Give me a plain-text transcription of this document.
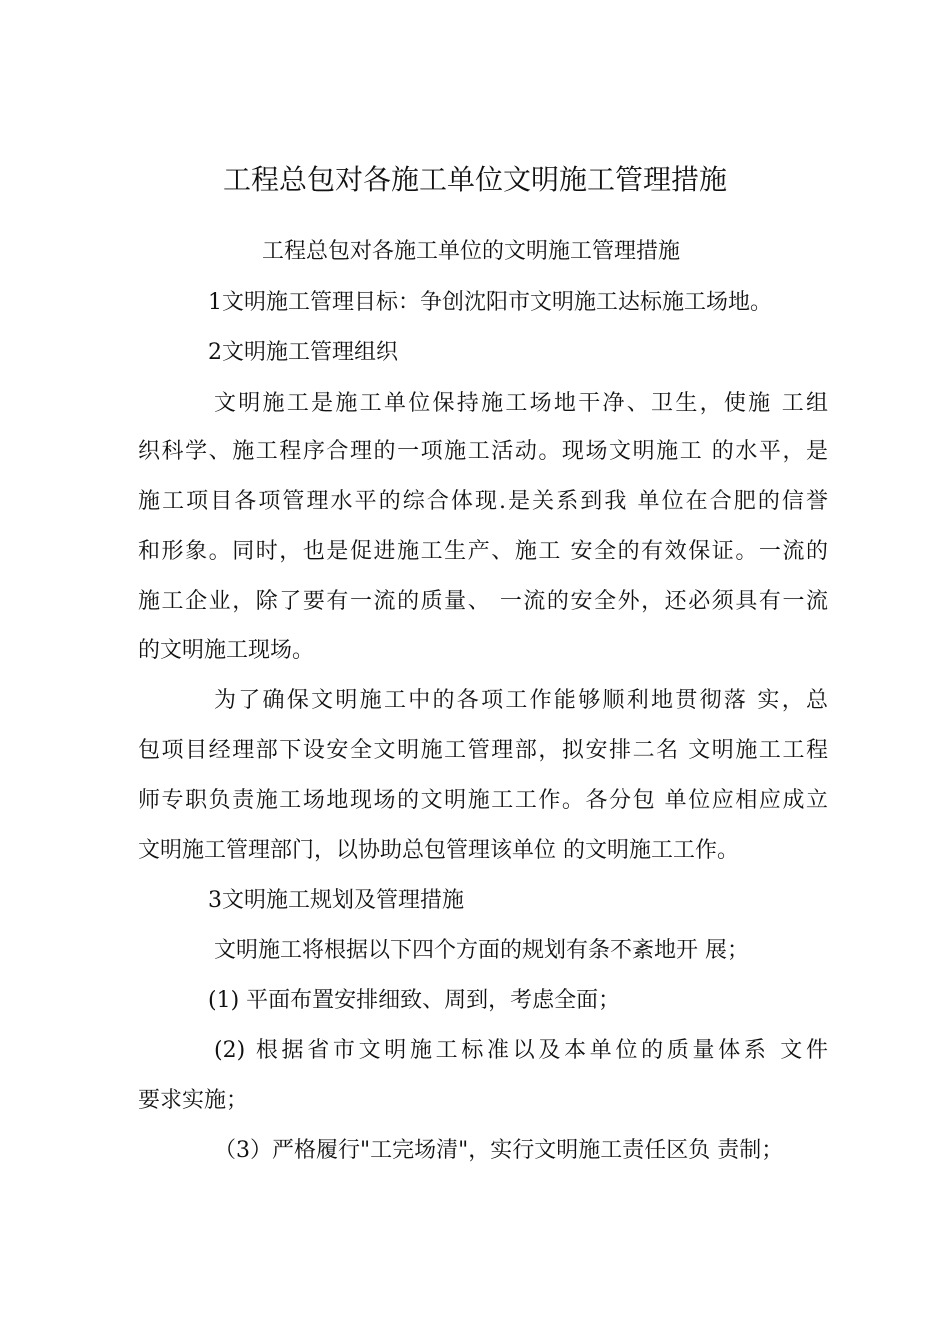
工程总包对各施工单位文明施工管理措施
工程总包对各施工单位的文明施工管理措施
1文明施工管理目标：争创沈阳市文明施工达标施工场地。
2文明施工管理组织
文明施工是施工单位保持施工场地干净、卫生，使施 工组
织科学、施工程序合理的一项施工活动。现场文明施工 的水平，是
施工项目各项管理水平的综合体现.是关系到我 单位在合肥的信誉
和形象。同时，也是促进施工生产、施工 安全的有效保证。一流的
施工企业，除了要有一流的质量、 一流的安全外，还必须具有一流
的文明施工现场。
为了确保文明施工中的各项工作能够顺利地贯彻落 实，总
包项目经理部下设安全文明施工管理部，拟安排二名 文明施工工程
师专职负责施工场地现场的文明施工工作。各分包 单位应相应成立
文明施工管理部门，以协助总包管理该单位 的文明施工工作。
3文明施工规划及管理措施
文明施工将根据以下四个方面的规划有条不紊地开 展；
(1) 平面布置安排细致、周到，考虑全面；
(2) 根据省市文明施工标准以及本单位的质量体系 文件
要求实施；
（3）严格履行"工完场清"，实行文明施工责任区负 责制；
